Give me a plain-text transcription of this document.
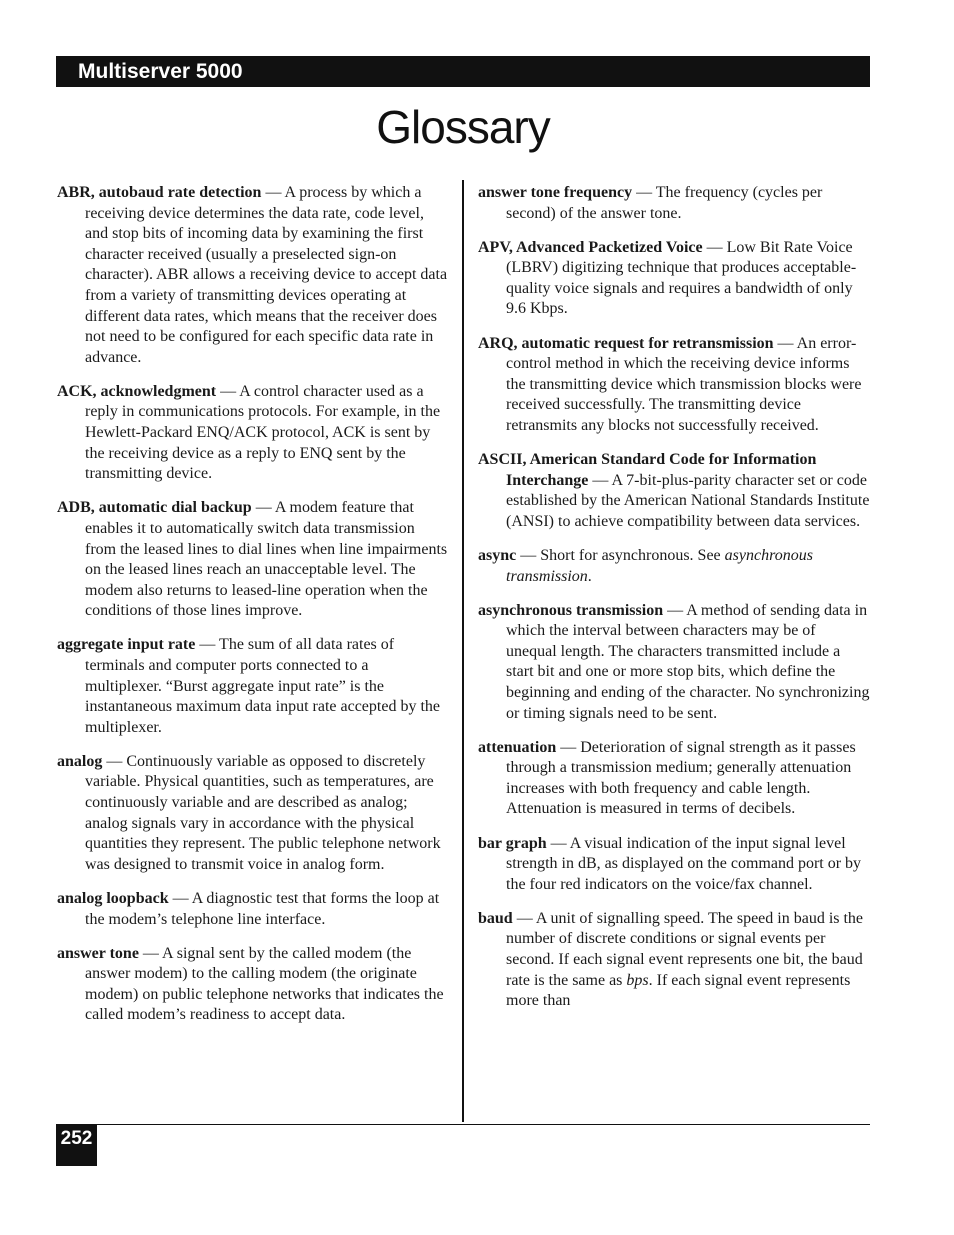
Multiserver 5000
Glossary

ABR, autobaud rate detection — A process by which a receiving device determines the data rate, code level, and stop bits of incoming data by examining the first character received (usually a preselected sign-on character). ABR allows a receiving device to accept data from a variety of transmitting devices operating at different data rates, which means that the receiver does not need to be configured for each specific data rate in advance.

ACK, acknowledgment — A control character used as a reply in communications protocols. For example, in the Hewlett-Packard ENQ/ACK protocol, ACK is sent by the receiving device as a reply to ENQ sent by the transmitting device.

ADB, automatic dial backup — A modem feature that enables it to automatically switch data transmission from the leased lines to dial lines when line impairments on the leased lines reach an unacceptable level. The modem also returns to leased-line operation when the conditions of those lines improve.

aggregate input rate — The sum of all data rates of terminals and computer ports connected to a multiplexer. “Burst aggregate input rate” is the instantaneous maximum data input rate accepted by the multiplexer.

analog — Continuously variable as opposed to discretely variable. Physical quantities, such as temperatures, are continuously variable and are described as analog; analog signals vary in accordance with the physical quantities they represent. The public telephone network was designed to transmit voice in analog form.

analog loopback — A diagnostic test that forms the loop at the modem’s telephone line interface.

answer tone — A signal sent by the called modem (the answer modem) to the calling modem (the originate modem) on public telephone networks that indicates the called modem’s readiness to accept data.

answer tone frequency — The frequency (cycles per second) of the answer tone.

APV, Advanced Packetized Voice — Low Bit Rate Voice (LBRV) digitizing technique that produces acceptable-quality voice signals and requires a bandwidth of only 9.6 Kbps.

ARQ, automatic request for retransmission — An error-control method in which the receiving device informs the transmitting device which transmission blocks were received successfully. The transmitting device retransmits any blocks not successfully received.

ASCII, American Standard Code for Information Interchange — A 7-bit-plus-parity character set or code established by the American National Standards Institute (ANSI) to achieve compatibility between data services.

async — Short for asynchronous. See asynchronous transmission.

asynchronous transmission — A method of sending data in which the interval between characters may be of unequal length. The characters transmitted include a start bit and one or more stop bits, which define the beginning and ending of the character. No synchronizing or timing signals need to be sent.

attenuation — Deterioration of signal strength as it passes through a transmission medium; generally attenuation increases with both frequency and cable length. Attenuation is measured in terms of decibels.

bar graph — A visual indication of the input signal level strength in dB, as displayed on the command port or by the four red indicators on the voice/fax channel.

baud — A unit of signalling speed. The speed in baud is the number of discrete conditions or signal events per second. If each signal event represents one bit, the baud rate is the same as bps. If each signal event represents more than

252
